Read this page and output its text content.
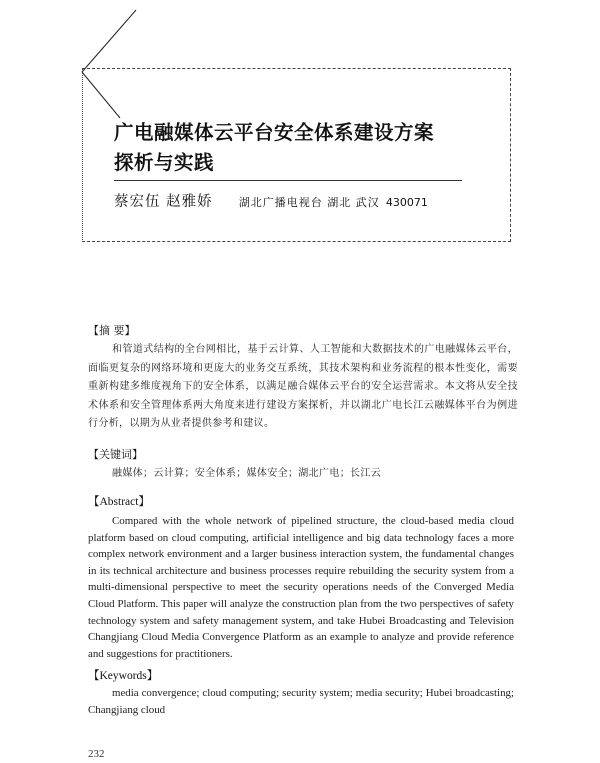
广电融媒体云平台安全体系建设方案
探析与实践
蔡宏伍 赵雅娇 湖北广播电视台 湖北 武汉 430071
【摘 要】
和管道式结构的全台网相比，基于云计算、人工智能和大数据技术的广电融媒体云平台，面临更复杂的网络环境和更庞大的业务交互系统，其技术架构和业务流程的根本性变化，需要重新构建多维度视角下的安全体系，以满足融合媒体云平台的安全运营需求。本文将从安全技术体系和安全管理体系两大角度来进行建设方案探析，并以湖北广电长江云融媒体平台为例进行分析，以期为从业者提供参考和建议。
【关键词】
融媒体；云计算；安全体系；媒体安全；湖北广电；长江云
【Abstract】
Compared with the whole network of pipelined structure, the cloud-based media cloud platform based on cloud computing, artificial intelligence and big data technology faces a more complex network environment and a larger business interaction system, the fundamental changes in its technical architecture and business processes require rebuilding the security system from a multi-dimensional perspective to meet the security operations needs of the Converged Media Cloud Platform. This paper will analyze the construction plan from the two perspectives of safety technology system and safety management system, and take Hubei Broadcasting and Television Changjiang Cloud Media Convergence Platform as an example to analyze and provide reference and suggestions for practitioners.
【Keywords】
media convergence; cloud computing; security system; media security; Hubei broadcasting; Changjiang cloud
232
